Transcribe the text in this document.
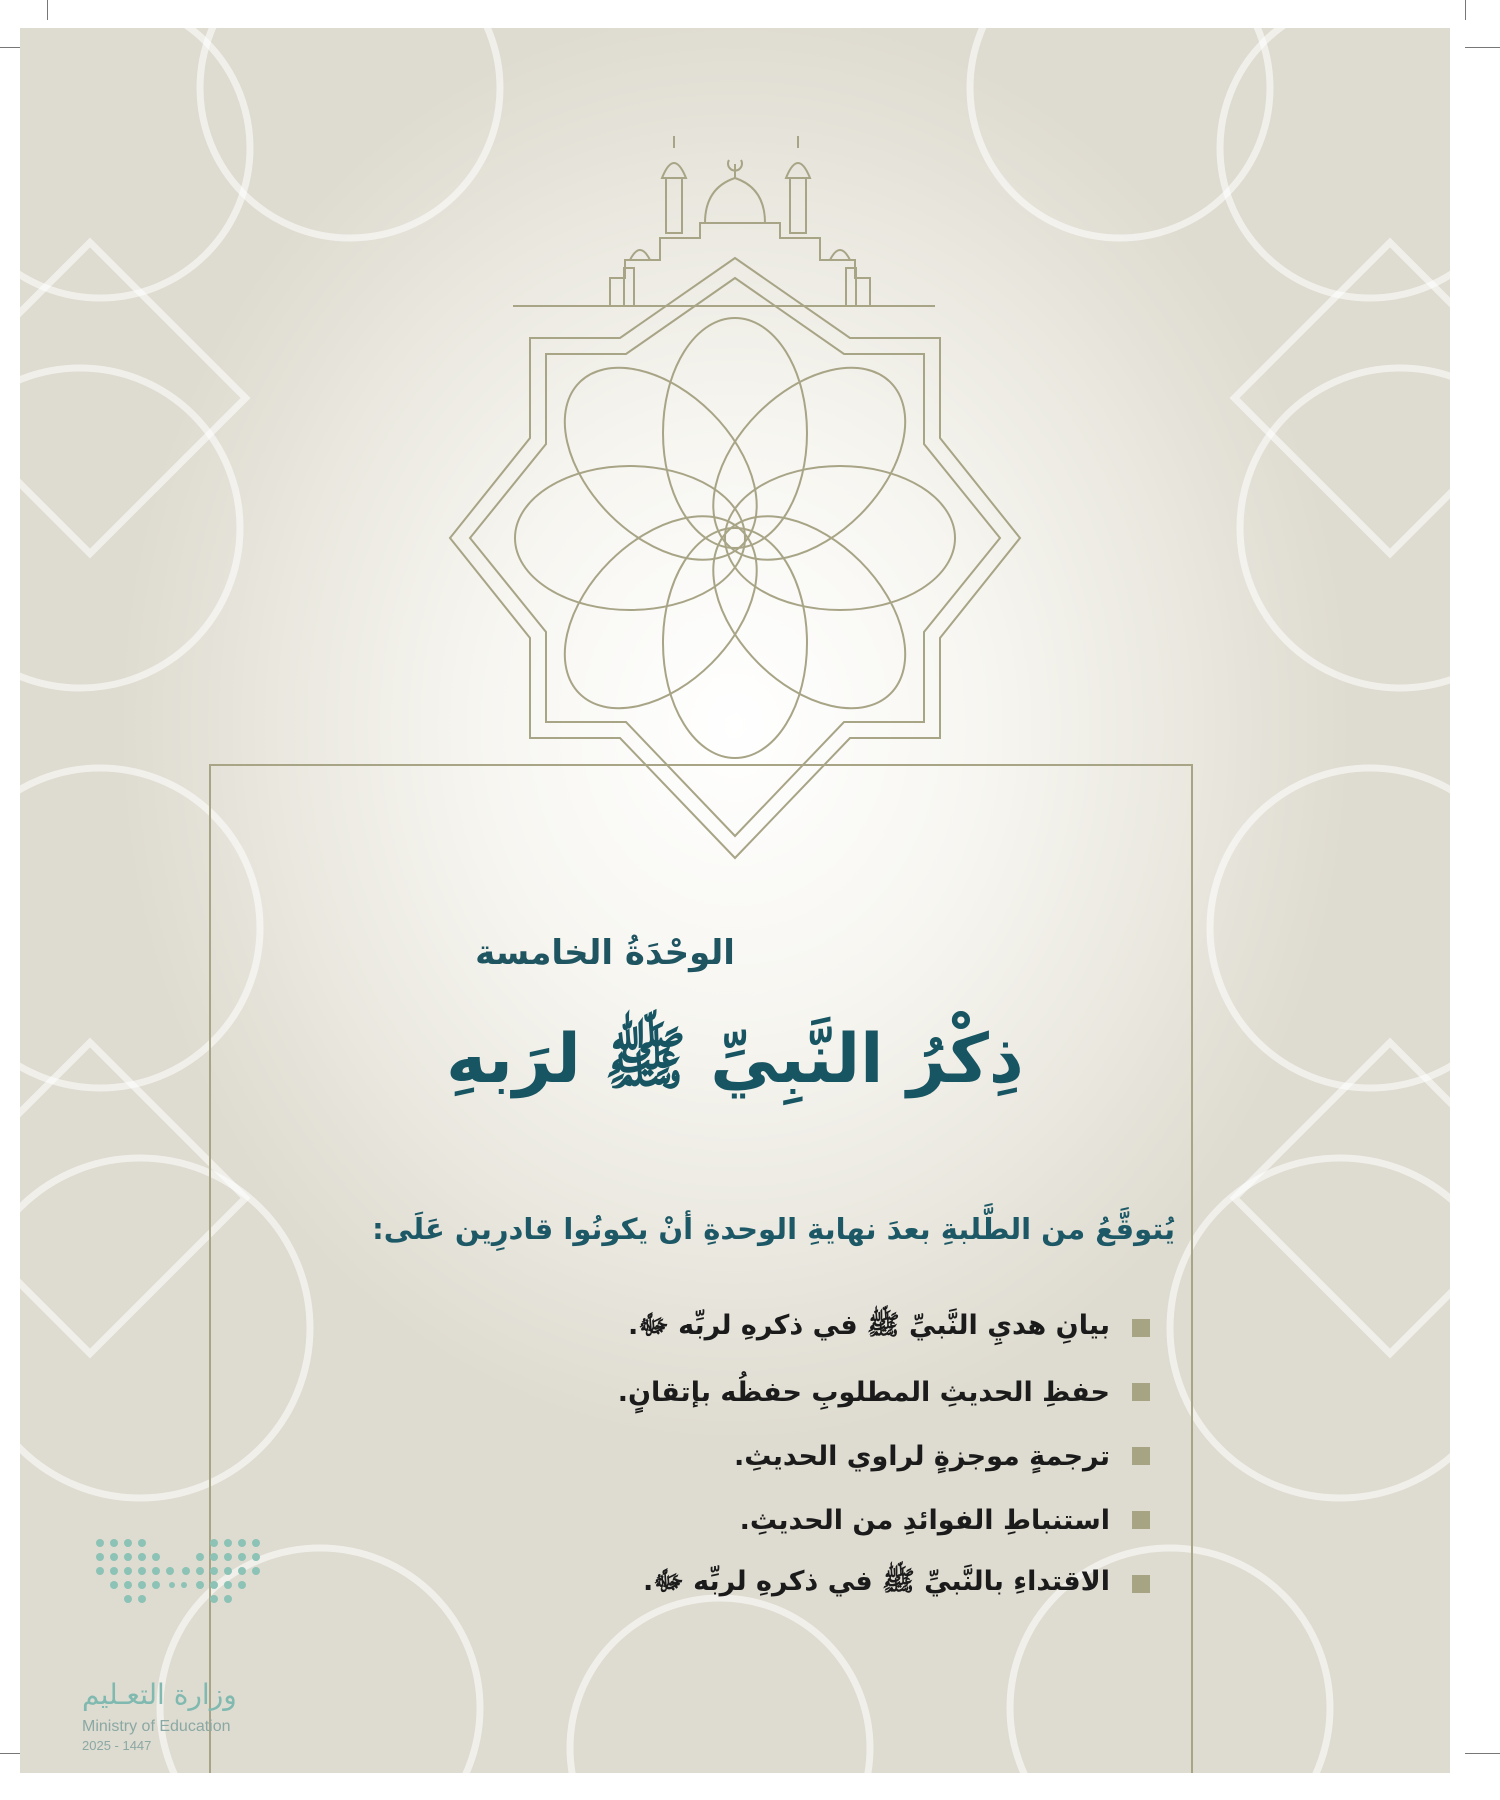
الوحْدَةُ الخامسة
ذِكْرُ النَّبِيِّ ﷺ لرَبهِ
يُتوقَّعُ من الطَّلبةِ بعدَ نهايةِ الوحدةِ أنْ يكونُوا قادرِين عَلَى:
بيانِ هديِ النَّبيِّ ﷺ في ذكرهِ لربِّه ﷻ.
حفظِ الحديثِ المطلوبِ حفظُه بإتقانٍ.
ترجمةٍ موجزةٍ لراوي الحديثِ.
استنباطِ الفوائدِ من الحديثِ.
الاقتداءِ بالنَّبيِّ ﷺ في ذكرهِ لربِّه ﷻ.
وزارة التعـليم
Ministry of Education
2025 - 1447
